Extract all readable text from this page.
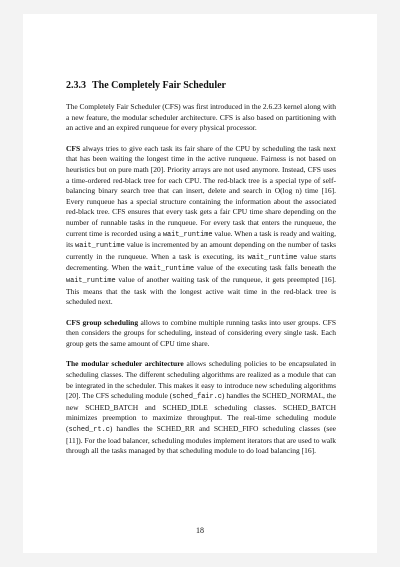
2.3.3 The Completely Fair Scheduler

The Completely Fair Scheduler (CFS) was first introduced in the 2.6.23 kernel along with a new feature, the modular scheduler architecture. CFS is also based on partitioning with an active and an expired runqueue for every physical processor.

CFS always tries to give each task its fair share of the CPU by scheduling the task next that has been waiting the longest time in the active runqueue. Fairness is not based on heuristics but on pure math [20]. Priority arrays are not used anymore. Instead, CFS uses a time-ordered red-black tree for each CPU. The red-black tree is a special type of self-balancing binary search tree that can insert, delete and search in O(log n) time [16]. Every runqueue has a special structure containing the information about the associated red-black tree. CFS ensures that every task gets a fair CPU time share depending on the number of runnable tasks in the runqueue. For every task that enters the runqueue, the current time is recorded using a wait_runtime value. When a task is ready and waiting, its wait_runtime value is incremented by an amount depending on the number of tasks currently in the runqueue. When a task is executing, its wait_runtime value starts decrementing. When the wait_runtime value of the executing task falls beneath the wait_runtime value of another waiting task of the runqueue, it gets preempted [16]. This means that the task with the longest active wait time in the red-black tree is scheduled next.

CFS group scheduling allows to combine multiple running tasks into user groups. CFS then considers the groups for scheduling, instead of considering every single task. Each group gets the same amount of CPU time share.

The modular scheduler architecture allows scheduling policies to be encapsulated in scheduling classes. The different scheduling algorithms are realized as a module that can be integrated in the scheduler. This makes it easy to introduce new scheduling algorithms [20]. The CFS scheduling module (sched_fair.c) handles the SCHED_NORMAL, the new SCHED_BATCH and SCHED_IDLE scheduling classes. SCHED_BATCH minimizes preemption to maximize throughput. The real-time scheduling module (sched_rt.c) handles the SCHED_RR and SCHED_FIFO scheduling classes (see [11]). For the load balancer, scheduling modules implement iterators that are used to walk through all the tasks managed by that scheduling module to do load balancing [16].

18
